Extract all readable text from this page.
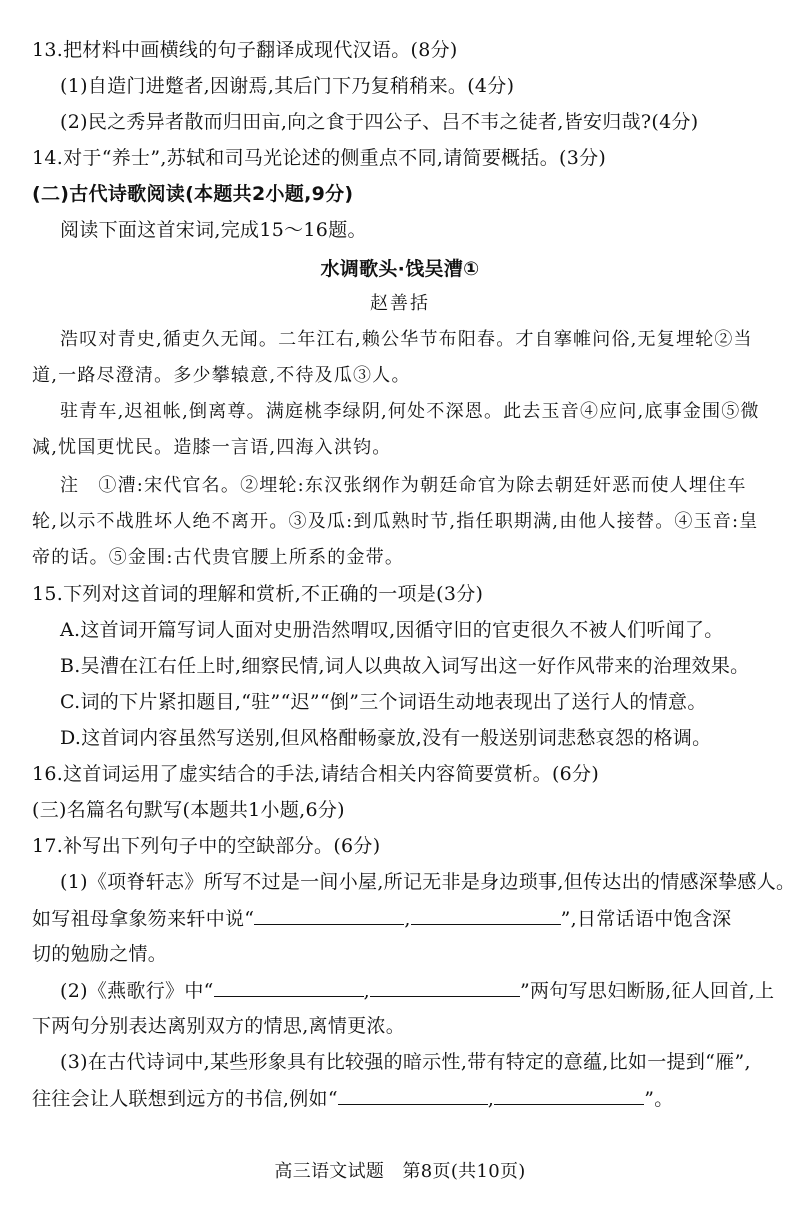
13.把材料中画横线的句子翻译成现代汉语。(8分)
(1)自造门进蹩者,因谢焉,其后门下乃复稍稍来。(4分)
(2)民之秀异者散而归田亩,向之食于四公子、吕不韦之徒者,皆安归哉?(4分)
14.对于“养士”,苏轼和司马光论述的侧重点不同,请简要概括。(3分)
(二)古代诗歌阅读(本题共2小题,9分)
阅读下面这首宋词,完成15～16题。
水调歌头·饯吴漕①
赵善括
浩叹对青史,循吏久无闻。二年江右,赖公华节布阳春。才自搴帷问俗,无复埋轮②当
道,一路尽澄清。多少攀辕意,不待及瓜③人。
驻青车,迟祖帐,倒离尊。满庭桃李绿阴,何处不深恩。此去玉音④应问,底事金围⑤微
减,忧国更忧民。造膝一言语,四海入洪钧。
注　①漕:宋代官名。②埋轮:东汉张纲作为朝廷命官为除去朝廷奸恶而使人埋住车
轮,以示不战胜坏人绝不离开。③及瓜:到瓜熟时节,指任职期满,由他人接替。④玉音:皇
帝的话。⑤金围:古代贵官腰上所系的金带。
15.下列对这首词的理解和赏析,不正确的一项是(3分)
A.这首词开篇写词人面对史册浩然喟叹,因循守旧的官吏很久不被人们听闻了。
B.吴漕在江右任上时,细察民情,词人以典故入词写出这一好作风带来的治理效果。
C.词的下片紧扣题目,“驻”“迟”“倒”三个词语生动地表现出了送行人的情意。
D.这首词内容虽然写送别,但风格酣畅豪放,没有一般送别词悲愁哀怨的格调。
16.这首词运用了虚实结合的手法,请结合相关内容简要赏析。(6分)
(三)名篇名句默写(本题共1小题,6分)
17.补写出下列句子中的空缺部分。(6分)
(1)《项脊轩志》所写不过是一间小屋,所记无非是身边琐事,但传达出的情感深挚感人。
如写祖母拿象笏来轩中说“	,	”,日常话语中饱含深
切的勉励之情。
(2)《燕歌行》中“	,	”两句写思妇断肠,征人回首,上
下两句分别表达离别双方的情思,离情更浓。
(3)在古代诗词中,某些形象具有比较强的暗示性,带有特定的意蕴,比如一提到“雁”,
往往会让人联想到远方的书信,例如“	,	”。
高三语文试题　第8页(共10页)
